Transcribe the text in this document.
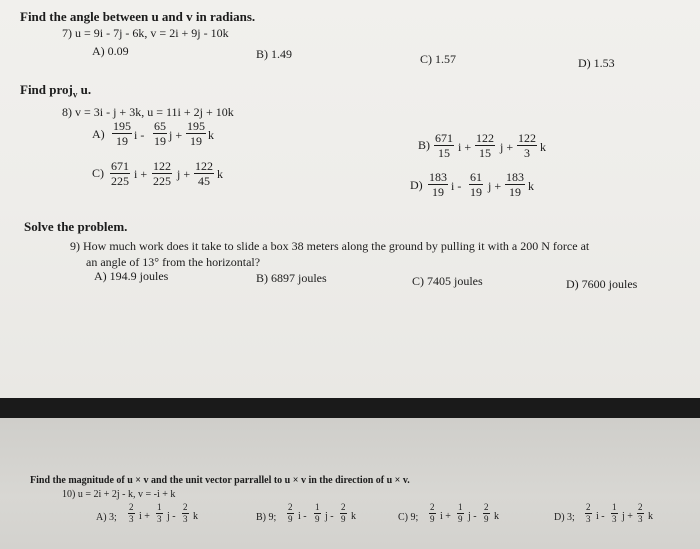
Find the angle between u and v in radians.
7) u = 9i - 7j - 6k, v = 2i + 9j - 10k
A) 0.09	B) 1.49	C) 1.57	D) 1.53
Find proj$_v$ u.
8) v = 3i - j + 3k, u = 11i + 2j + 10k
$A) \frac{195}{19}$ i - $\frac{65}{19}$ $j + \frac{195}{19}$ k
$C) \frac{671}{225}$ $i + \frac{122}{225}$ $j + \frac{122}{45}$ k
$B) \frac{671}{15}$ $i + \frac{122}{15}$ $j + \frac{122}{3}$ k
$D) \frac{183}{19}$ i - $\frac{61}{19}$ $j + \frac{183}{19}$ k
Solve the problem.
9) How much work does it take to slide a box 38 meters along the ground by pulling it with a 200 N force at
an angle of 13° from the horizontal?
A) 194.9 joules	B) 6897 joules	C) 7405 joules	D) 7600 joules
Find the magnitude of u × v and the unit vector parrallel to u × v in the direction of u × v.
10) u = 2i + 2j - k, v = -i + k
A) 3; $\frac{2}{3}$ $i + \frac{1}{3}$ j - $\frac{2}{3}$ k	B) 9; $\frac{2}{9}$ i - $\frac{1}{9}$ j - $\frac{2}{9}$ k	C) 9; $\frac{2}{9}$ $i + \frac{1}{9}$ j - $\frac{2}{9}$ k	D) 3; $\frac{2}{3}$ i - $\frac{1}{3}$ $j + \frac{2}{3}$ k
